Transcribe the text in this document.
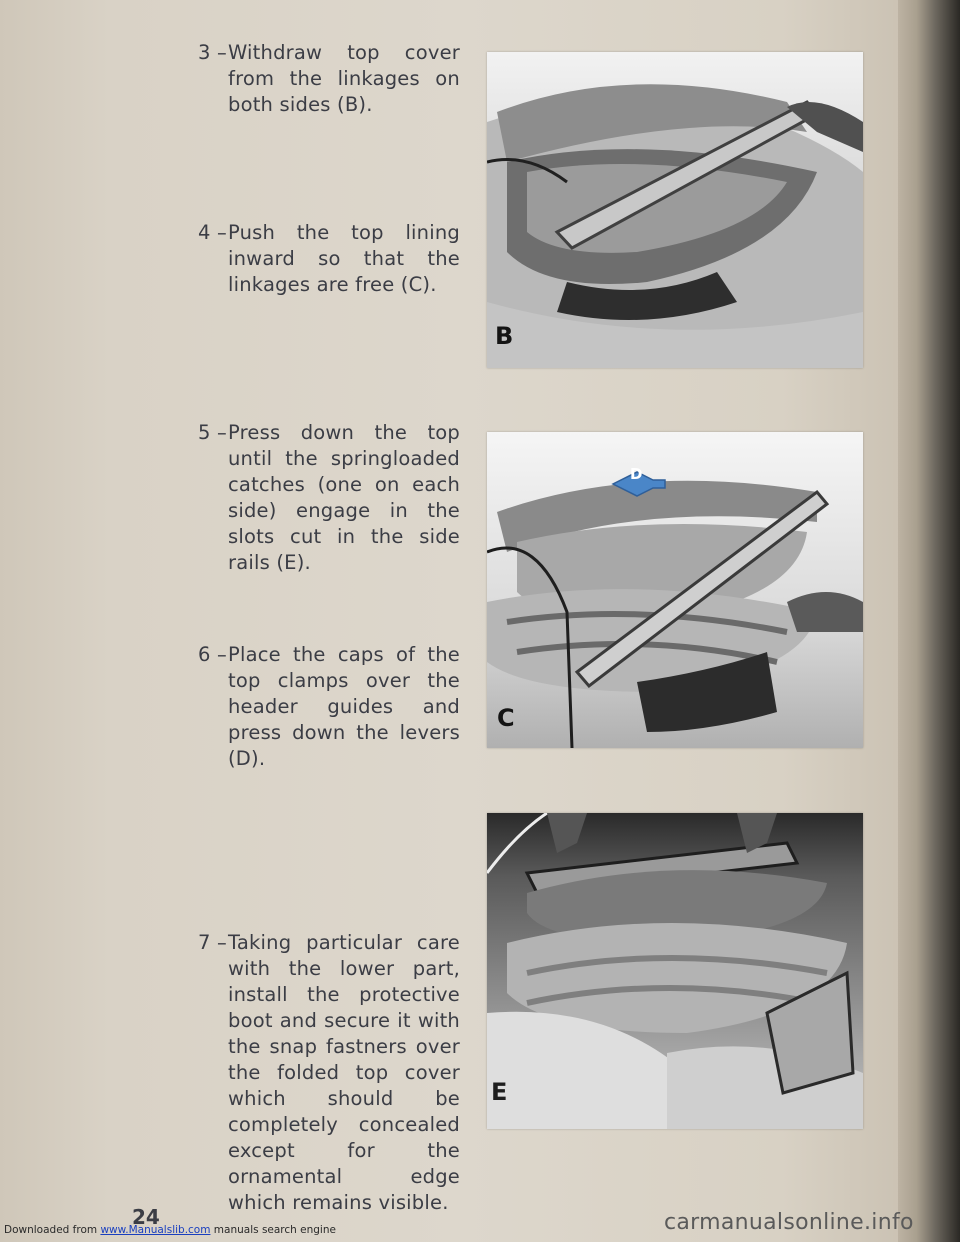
3 – Withdraw top cover from the linkages on both sides (B).
4 – Push the top lining inward so that the linkages are free (C).
5 – Press down the top until the springloaded catches (one on each side) engage in the slots cut in the side rails (E).
6 – Place the caps of the top clamps over the header guides and press down the levers (D).
7 – Taking particular care with the lower part, install the protective boot and secure it with the snap fastners over the folded top cover which should be completely concealed except for the ornamental edge which remains visible.
24
B
D
C
E
Downloaded from www.Manualslib.com manuals search engine	carmanualsonline.info
